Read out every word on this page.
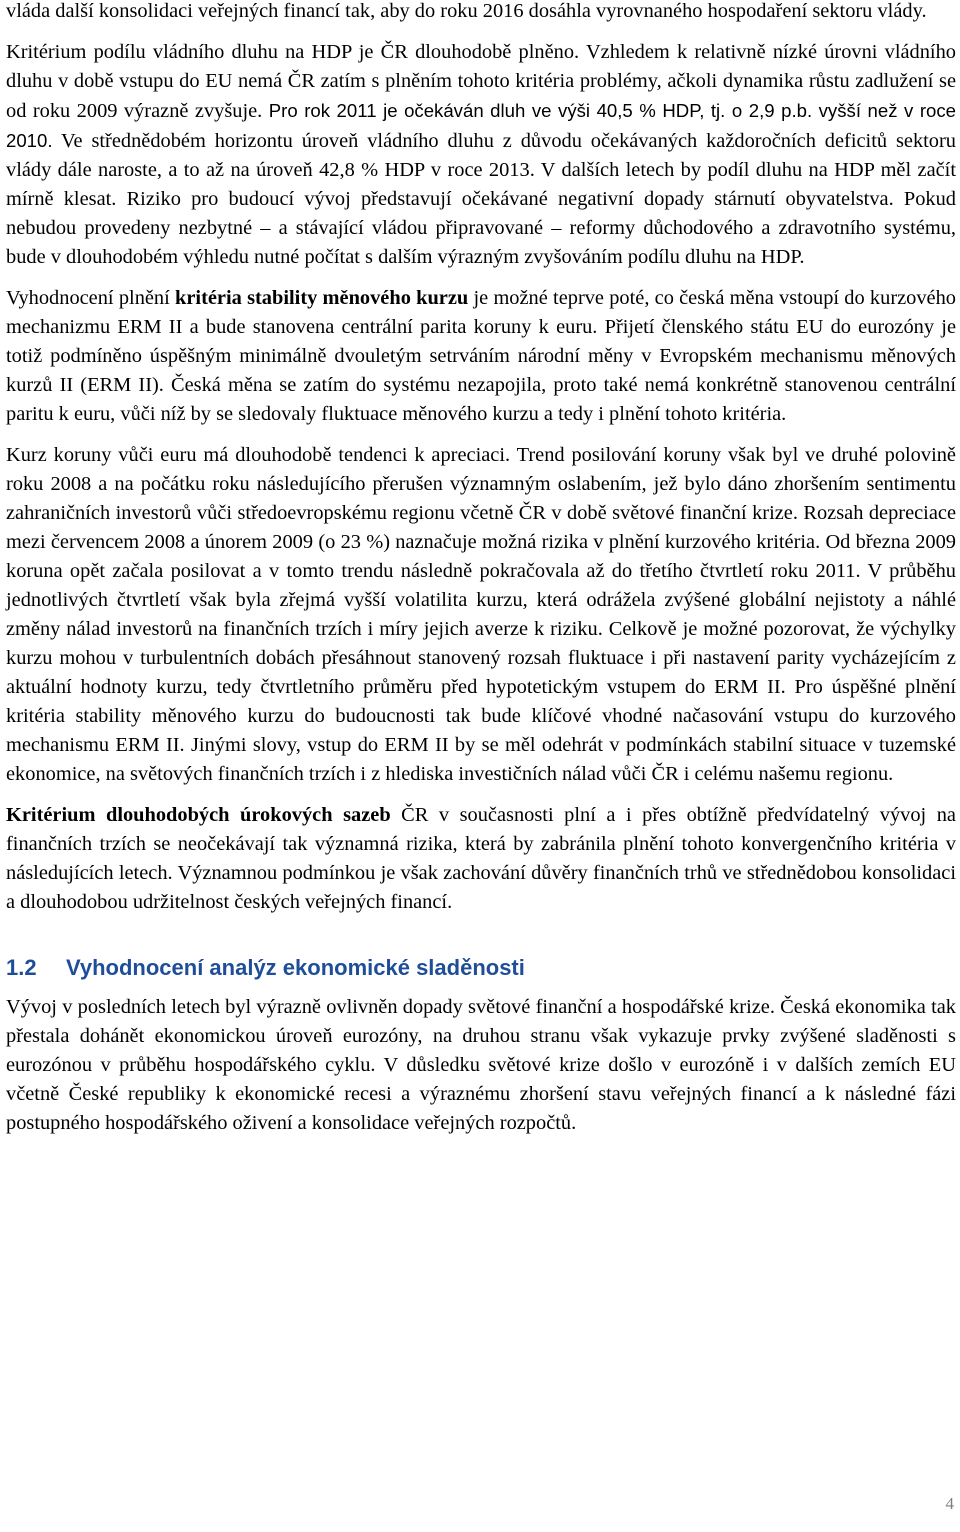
vláda další konsolidaci veřejných financí tak, aby do roku 2016 dosáhla vyrovnaného hospodaření sektoru vlády.

Kritérium podílu vládního dluhu na HDP je ČR dlouhodobě plněno. Vzhledem k relativně nízké úrovni vládního dluhu v době vstupu do EU nemá ČR zatím s plněním tohoto kritéria problémy, ačkoli dynamika růstu zadlužení se od roku 2009 výrazně zvyšuje. Pro rok 2011 je očekáván dluh ve výši 40,5 % HDP, tj. o 2,9 p.b. vyšší než v roce 2010. Ve střednědobém horizontu úroveň vládního dluhu z důvodu očekávaných každoročních deficitů sektoru vlády dále naroste, a to až na úroveň 42,8 % HDP v roce 2013. V dalších letech by podíl dluhu na HDP měl začít mírně klesat. Riziko pro budoucí vývoj představují očekávané negativní dopady stárnutí obyvatelstva. Pokud nebudou provedeny nezbytné – a stávající vládou připravované – reformy důchodového a zdravotního systému, bude v dlouhodobém výhledu nutné počítat s dalším výrazným zvyšováním podílu dluhu na HDP.

Vyhodnocení plnění kritéria stability měnového kurzu je možné teprve poté, co česká měna vstoupí do kurzového mechanizmu ERM II a bude stanovena centrální parita koruny k euru. Přijetí členského státu EU do eurozóny je totiž podmíněno úspěšným minimálně dvouletým setrváním národní měny v Evropském mechanismu měnových kurzů II (ERM II). Česká měna se zatím do systému nezapojila, proto také nemá konkrétně stanovenou centrální paritu k euru, vůči níž by se sledovaly fluktuace měnového kurzu a tedy i plnění tohoto kritéria.

Kurz koruny vůči euru má dlouhodobě tendenci k apreciaci. Trend posilování koruny však byl ve druhé polovině roku 2008 a na počátku roku následujícího přerušen významným oslabením, jež bylo dáno zhoršením sentimentu zahraničních investorů vůči středoevropskému regionu včetně ČR v době světové finanční krize. Rozsah depreciace mezi červencem 2008 a únorem 2009 (o 23 %) naznačuje možná rizika v plnění kurzového kritéria. Od března 2009 koruna opět začala posilovat a v tomto trendu následně pokračovala až do třetího čtvrtletí roku 2011. V průběhu jednotlivých čtvrtletí však byla zřejmá vyšší volatilita kurzu, která odrážela zvýšené globální nejistoty a náhlé změny nálad investorů na finančních trzích i míry jejich averze k riziku. Celkově je možné pozorovat, že výchylky kurzu mohou v turbulentních dobách přesáhnout stanovený rozsah fluktuace i při nastavení parity vycházejícím z aktuální hodnoty kurzu, tedy čtvrtletního průměru před hypotetickým vstupem do ERM II. Pro úspěšné plnění kritéria stability měnového kurzu do budoucnosti tak bude klíčové vhodné načasování vstupu do kurzového mechanismu ERM II. Jinými slovy, vstup do ERM II by se měl odehrát v podmínkách stabilní situace v tuzemské ekonomice, na světových finančních trzích i z hlediska investičních nálad vůči ČR i celému našemu regionu.

Kritérium dlouhodobých úrokových sazeb ČR v současnosti plní a i přes obtížně předvídatelný vývoj na finančních trzích se neočekávají tak významná rizika, která by zabránila plnění tohoto konvergenčního kritéria v následujících letech. Významnou podmínkou je však zachování důvěry finančních trhů ve střednědobou konsolidaci a dlouhodobou udržitelnost českých veřejných financí.

1.2	Vyhodnocení analýz ekonomické sladěnosti

Vývoj v posledních letech byl výrazně ovlivněn dopady světové finanční a hospodářské krize. Česká ekonomika tak přestala dohánět ekonomickou úroveň eurozóny, na druhou stranu však vykazuje prvky zvýšené sladěnosti s eurozónou v průběhu hospodářského cyklu. V důsledku světové krize došlo v eurozóně i v dalších zemích EU včetně České republiky k ekonomické recesi a výraznému zhoršení stavu veřejných financí a k následné fázi postupného hospodářského oživení a konsolidace veřejných rozpočtů.

4
